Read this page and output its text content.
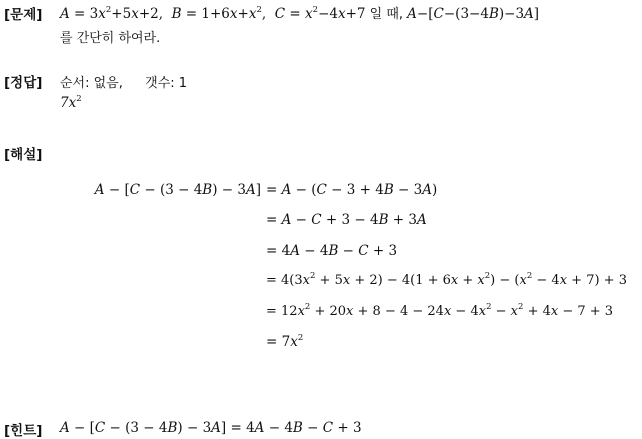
[문제] $A = 3x^2+5x+2$,  $B = 1+6x+x^2$,  $C = x^2-4x+7$ 일 때, A−[C−(3−4B)−3A]
를 간단히 하여라.
[정답] 순서: 없음, 갯수: 1
$7x^2$
[해설]
A − [C − (3 − 4B) − 3A] = A − (C − 3 + 4B − 3A)
= A − C + 3 − 4B + 3A
= 4A − 4B − C + 3
= $4(3x^2 + 5x + 2) - 4(1 + 6x + x^2) - (x^2 - 4x + 7) + 3$
= $12x^2 + 20x + 8 - 4 - 24x - 4x^2 - x^2 + 4x - 7 + 3$
= $7x^2$
[힌트] A − [C − (3 − 4B) − 3A] = 4A − 4B − C + 3
